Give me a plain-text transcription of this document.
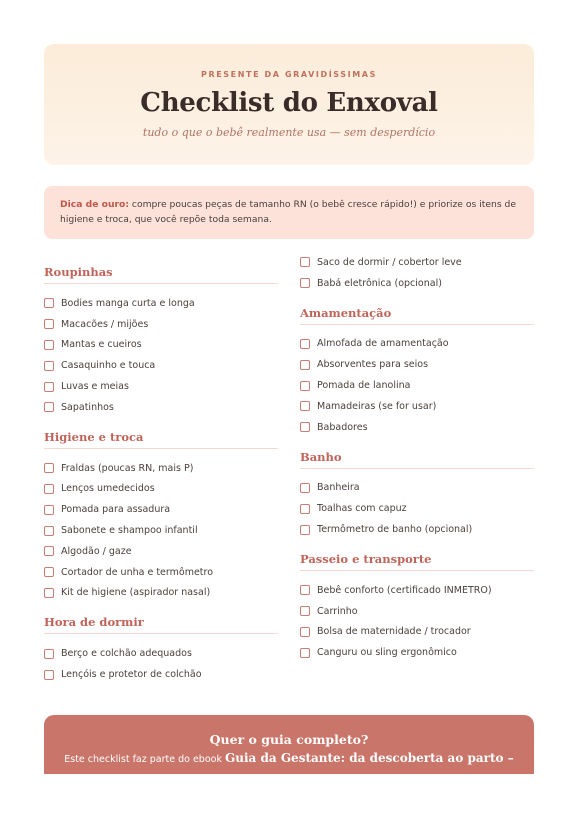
PRESENTE DA GRAVIDÍSSIMAS
Checklist do Enxoval
tudo o que o bebê realmente usa — sem desperdício
Dica de ouro: compre poucas peças de tamanho RN (o bebê cresce rápido!) e priorize os itens de higiene e troca, que você repõe toda semana.
Roupinhas
Bodies manga curta e longa
Macacões / mijões
Mantas e cueiros
Casaquinho e touca
Luvas e meias
Sapatinhos
Higiene e troca
Fraldas (poucas RN, mais P)
Lenços umedecidos
Pomada para assadura
Sabonete e shampoo infantil
Algodão / gaze
Cortador de unha e termômetro
Kit de higiene (aspirador nasal)
Hora de dormir
Berço e colchão adequados
Lençóis e protetor de colchão
Saco de dormir / cobertor leve
Babá eletrônica (opcional)
Amamentação
Almofada de amamentação
Absorventes para seios
Pomada de lanolina
Mamadeiras (se for usar)
Babadores
Banho
Banheira
Toalhas com capuz
Termômetro de banho (opcional)
Passeio e transporte
Bebê conforto (certificado INMETRO)
Carrinho
Bolsa de maternidade / trocador
Canguru ou sling ergonômico
Quer o guia completo?
Este checklist faz parte do ebook Guia da Gestante: da descoberta ao parto –
